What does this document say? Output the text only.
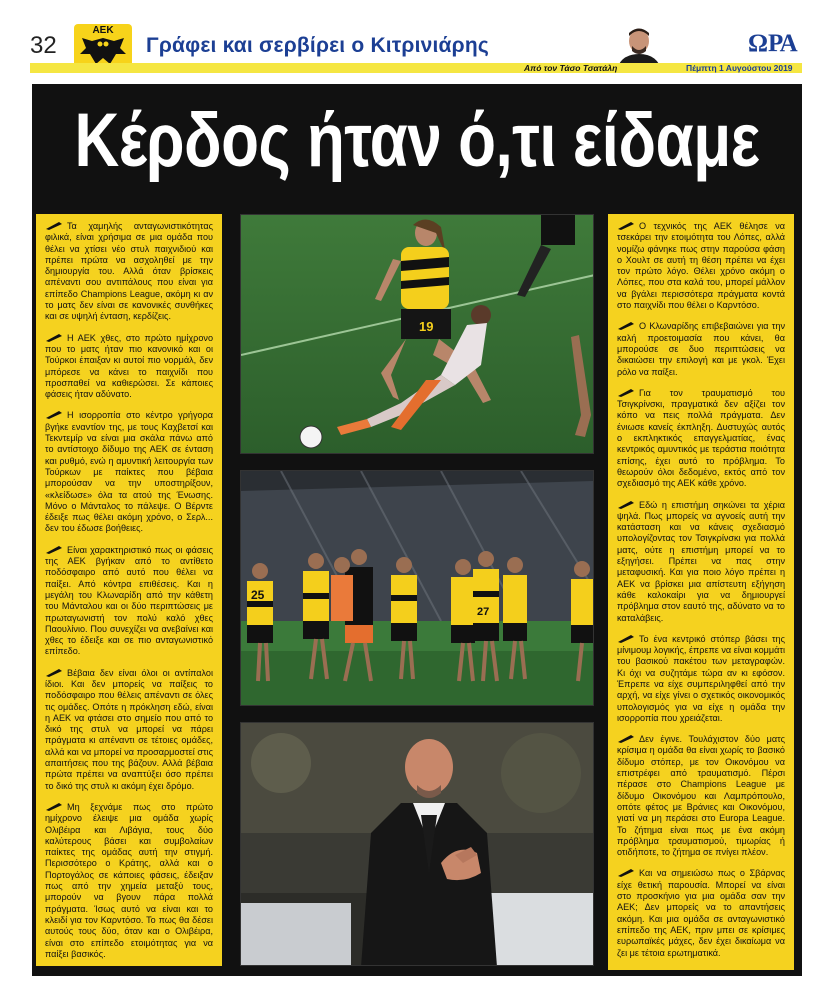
32
ΑΕΚ
Γράφει και σερβίρει ο Κιτρινιάρης	ΩΡΑ
Από τον Τάσο Τσατάλη	Πέμπτη 1 Αυγούστου 2019
Κέρδος ήταν ό,τι είδαμε

Τα χαμηλής ανταγωνιστικότητας φιλικά, είναι χρήσιμα σε μια ομάδα που θέλει να χτίσει νέο στυλ παιχνιδιού και πρέπει πρώτα να ασχοληθεί με την δημιουργία του. Αλλά όταν βρίσκεις απέναντι σου αντιπάλους που είναι για επίπεδο Champions League, ακόμη κι αν το ματς δεν είναι σε κανονικές συνθήκες και σε υψηλή ένταση, κερδίζεις.

Η ΑΕΚ χθες, στο πρώτο ημίχρονο που το ματς ήταν πιο κανονικό και οι Τούρκοι έπαιξαν κι αυτοί πιο νορμάλ, δεν μπόρεσε να κάνει το παιχνίδι που προσπαθεί να καθιερώσει. Σε κάποιες φάσεις ήταν αδύνατο.

Η ισορροπία στο κέντρο γρήγορα βγήκε εναντίον της, με τους Καχβετσί και Τεκντεμίρ να είναι μια σκάλα πάνω από το αντίστοιχο δίδυμο της ΑΕΚ σε ένταση και ρυθμό, ενώ η αμυντική λειτουργία των Τούρκων με παίκτες που βέβαια μπορούσαν να την υποστηρίξουν, «κλείδωσε» όλα τα ατού της Ένωσης. Μόνο ο Μάνταλος το πάλεψε. Ο Βέρντε έδειξε πως θέλει ακόμη χρόνο, ο Σερλ... δεν του έδωσε βοήθειες.

Είναι χαρακτηριστικό πως οι φάσεις της ΑΕΚ βγήκαν από το αντίθετο ποδόσφαιρο από αυτό που θέλει να παίξει. Από κόντρα επιθέσεις. Και η μεγάλη του Κλωναρίδη από την κάθετη του Μάνταλου και οι δύο περιπτώσεις με πρωταγωνιστή τον πολύ καλό χθες Παουλίνιο. Που συνεχίζει να ανεβαίνει και χθες το έδειξε και σε πιο ανταγωνιστικό επίπεδο.

Βέβαια δεν είναι όλοι οι αντίπαλοι ίδιοι. Και δεν μπορείς να παίξεις το ποδόσφαιρο που θέλεις απέναντι σε όλες τις ομάδες. Οπότε η πρόκληση εδώ, είναι η ΑΕΚ να φτάσει στο σημείο που από το δικό της στυλ να μπορεί να πάρει πράγματα κι απέναντι σε τέτοιες ομάδες, αλλά και να μπορεί να προσαρμοστεί στις απαιτήσεις που της βάζουν. Αλλά βέβαια πρώτα πρέπει να αναπτύξει όσο πρέπει το δικό της στυλ κι ακόμη έχει δρόμο.

Μη ξεχνάμε πως στο πρώτο ημίχρονο έλειψε μια ομάδα χωρίς Ολιβέιρα και Λιβάγια, τους δύο καλύτερους βάσει και συμβολαίων παίκτες της ομάδας αυτή την στιγμή. Περισσότερο ο Κράτης, αλλά και ο Πορτογάλος σε κάποιες φάσεις, έδειξαν πως από την χημεία μεταξύ τους, μπορούν να βγουν πάρα πολλά πράγματα. Ίσως αυτό να είναι και το κλειδί για τον Καρντόσο. Το πως θα δέσει αυτούς τους δύο, όταν και ο Ολιβέιρα, είναι στο επίπεδο ετοιμότητας για να παίξει βασικός.

19
25
27

Ο τεχνικός της ΑΕΚ θέλησε να τσεκάρει την ετοιμότητα του Λόπες, αλλά νομίζω φάνηκε πως στην παρούσα φάση ο Χουλτ σε αυτή τη θέση πρέπει να έχει τον πρώτο λόγο. Θέλει χρόνο ακόμη ο Λόπες, που στα καλά του, μπορεί μάλλον να βγάλει περισσότερα πράγματα κοντά στο παιχνίδι που θέλει ο Καρντόσο.

Ο Κλωναρίδης επιβεβαιώνει για την καλή προετοιμασία που κάνει, θα μπορούσε σε δυο περιπτώσεις να δικαιώσει την επιλογή και με γκολ. Έχει ρόλο να παίξει.

Για τον τραυματισμό του Τσιγκρίνσκι, πραγματικά δεν αξίζει τον κόπο να πεις πολλά πράγματα. Δεν ένιωσε κανείς έκπληξη. Δυστυχώς αυτός ο εκπληκτικός επαγγελματίας, ένας κεντρικός αμυντικός με τεράστια ποιότητα επίσης, έχει αυτό το πρόβλημα. Το θεωρούν όλοι δεδομένο, εκτός από τον σχεδιασμό της ΑΕΚ κάθε χρόνο.

Εδώ η επιστήμη σηκώνει τα χέρια ψηλά. Πως μπορείς να αγνοείς αυτή την κατάσταση και να κάνεις σχεδιασμό υπολογίζοντας τον Τσιγκρίνσκι για πολλά ματς, ούτε η επιστήμη μπορεί να το εξηγήσει. Πρέπει να πας στην μεταφυσική. Και για ποιο λόγο πρέπει η ΑΕΚ να βρίσκει μια απίστευτη εξήγηση κάθε καλοκαίρι για να δημιουργεί πρόβλημα στον εαυτό της, αδύνατο να το καταλάβεις.

Το ένα κεντρικό στόπερ βάσει της μίνιμουμ λογικής, έπρεπε να είναι κομμάτι του βασικού πακέτου των μεταγραφών. Κι όχι να συζητάμε τώρα αν κι εφόσον. Έπρεπε να είχε συμπεριληφθεί από την αρχή, να είχε γίνει ο σχετικός οικονομικός υπολογισμός για να είχε η ομάδα την ισορροπία που χρειάζεται.

Δεν έγινε. Τουλάχιστον δύο ματς κρίσιμα η ομάδα θα είναι χωρίς το βασικό δίδυμο στόπερ, με τον Οικονόμου να επιστρέφει από τραυματισμό. Πέρσι πέρασε στο Champions League με δίδυμο Οικονόμου και Λαμπρόπουλο, οπότε φέτος με Βράνιες και Οικονόμου, γιατί να μη περάσει στο Europa League. Το ζήτημα είναι πως με ένα ακόμη πρόβλημα τραυματισμού, τιμωρίας ή οτιδήποτε, το ζήτημα σε πνίγει πλέον.

Και να σημειώσω πως ο Σβάρνας είχε θετική παρουσία. Μπορεί να είναι στο προσκήνιο για μια ομάδα σαν την ΑΕΚ; Δεν μπορείς να το απαντήσεις ακόμη. Και μια ομάδα σε ανταγωνιστικό επίπεδο της ΑΕΚ, πριν μπει σε κρίσιμες ευρωπαϊκές μάχες, δεν έχει δικαίωμα να ζει με τέτοια ερωτηματικά.
